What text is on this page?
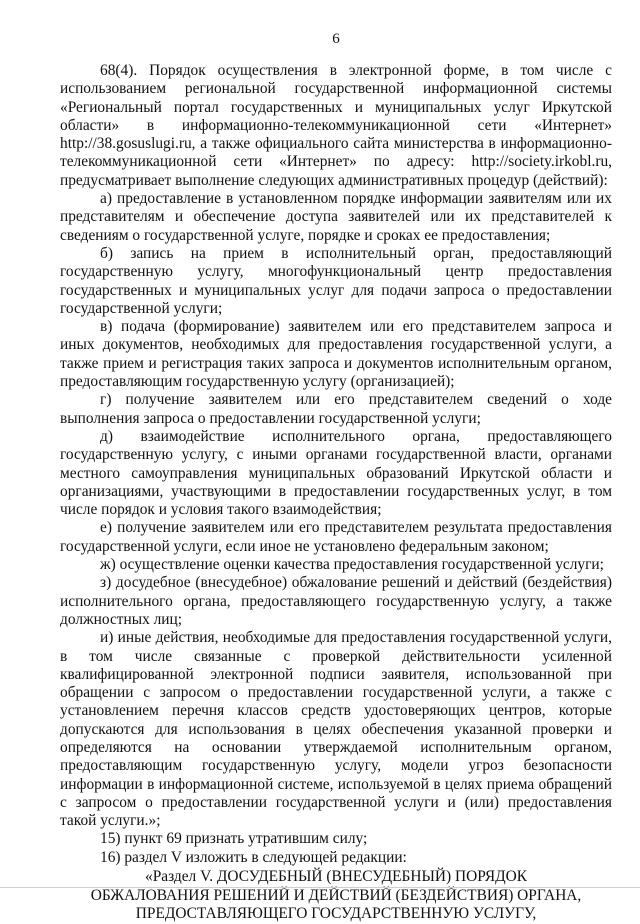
6

68(4). Порядок осуществления в электронной форме, в том числе с использованием региональной государственной информационной системы «Региональный портал государственных и муниципальных услуг Иркутской области» в информационно-телекоммуникационной сети «Интернет» http://38.gosuslugi.ru, а также официального сайта министерства в информационно-телекоммуникационной сети «Интернет» по адресу: http://society.irkobl.ru, предусматривает выполнение следующих административных процедур (действий):

а) предоставление в установленном порядке информации заявителям или их представителям и обеспечение доступа заявителей или их представителей к сведениям о государственной услуге, порядке и сроках ее предоставления;

б) запись на прием в исполнительный орган, предоставляющий государственную услугу, многофункциональный центр предоставления государственных и муниципальных услуг для подачи запроса о предоставлении государственной услуги;

в) подача (формирование) заявителем или его представителем запроса и иных документов, необходимых для предоставления государственной услуги, а также прием и регистрация таких запроса и документов исполнительным органом, предоставляющим государственную услугу (организацией);

г) получение заявителем или его представителем сведений о ходе выполнения запроса о предоставлении государственной услуги;

д) взаимодействие исполнительного органа, предоставляющего государственную услугу, с иными органами государственной власти, органами местного самоуправления муниципальных образований Иркутской области и организациями, участвующими в предоставлении государственных услуг, в том числе порядок и условия такого взаимодействия;

е) получение заявителем или его представителем результата предоставления государственной услуги, если иное не установлено федеральным законом;

ж) осуществление оценки качества предоставления государственной услуги;

з) досудебное (внесудебное) обжалование решений и действий (бездействия) исполнительного органа, предоставляющего государственную услугу, а также должностных лиц;

и) иные действия, необходимые для предоставления государственной услуги, в том числе связанные с проверкой действительности усиленной квалифицированной электронной подписи заявителя, использованной при обращении с запросом о предоставлении государственной услуги, а также с установлением перечня классов средств удостоверяющих центров, которые допускаются для использования в целях обеспечения указанной проверки и определяются на основании утверждаемой исполнительным органом, предоставляющим государственную услугу, модели угроз безопасности информации в информационной системе, используемой в целях приема обращений с запросом о предоставлении государственной услуги и (или) предоставления такой услуги.»;

15) пункт 69 признать утратившим силу;

16) раздел V изложить в следующей редакции:

«Раздел V. ДОСУДЕБНЫЙ (ВНЕСУДЕБНЫЙ) ПОРЯДОК
ОБЖАЛОВАНИЯ РЕШЕНИЙ И ДЕЙСТВИЙ (БЕЗДЕЙСТВИЯ) ОРГАНА,
ПРЕДОСТАВЛЯЮЩЕГО ГОСУДАРСТВЕННУЮ УСЛУГУ,
